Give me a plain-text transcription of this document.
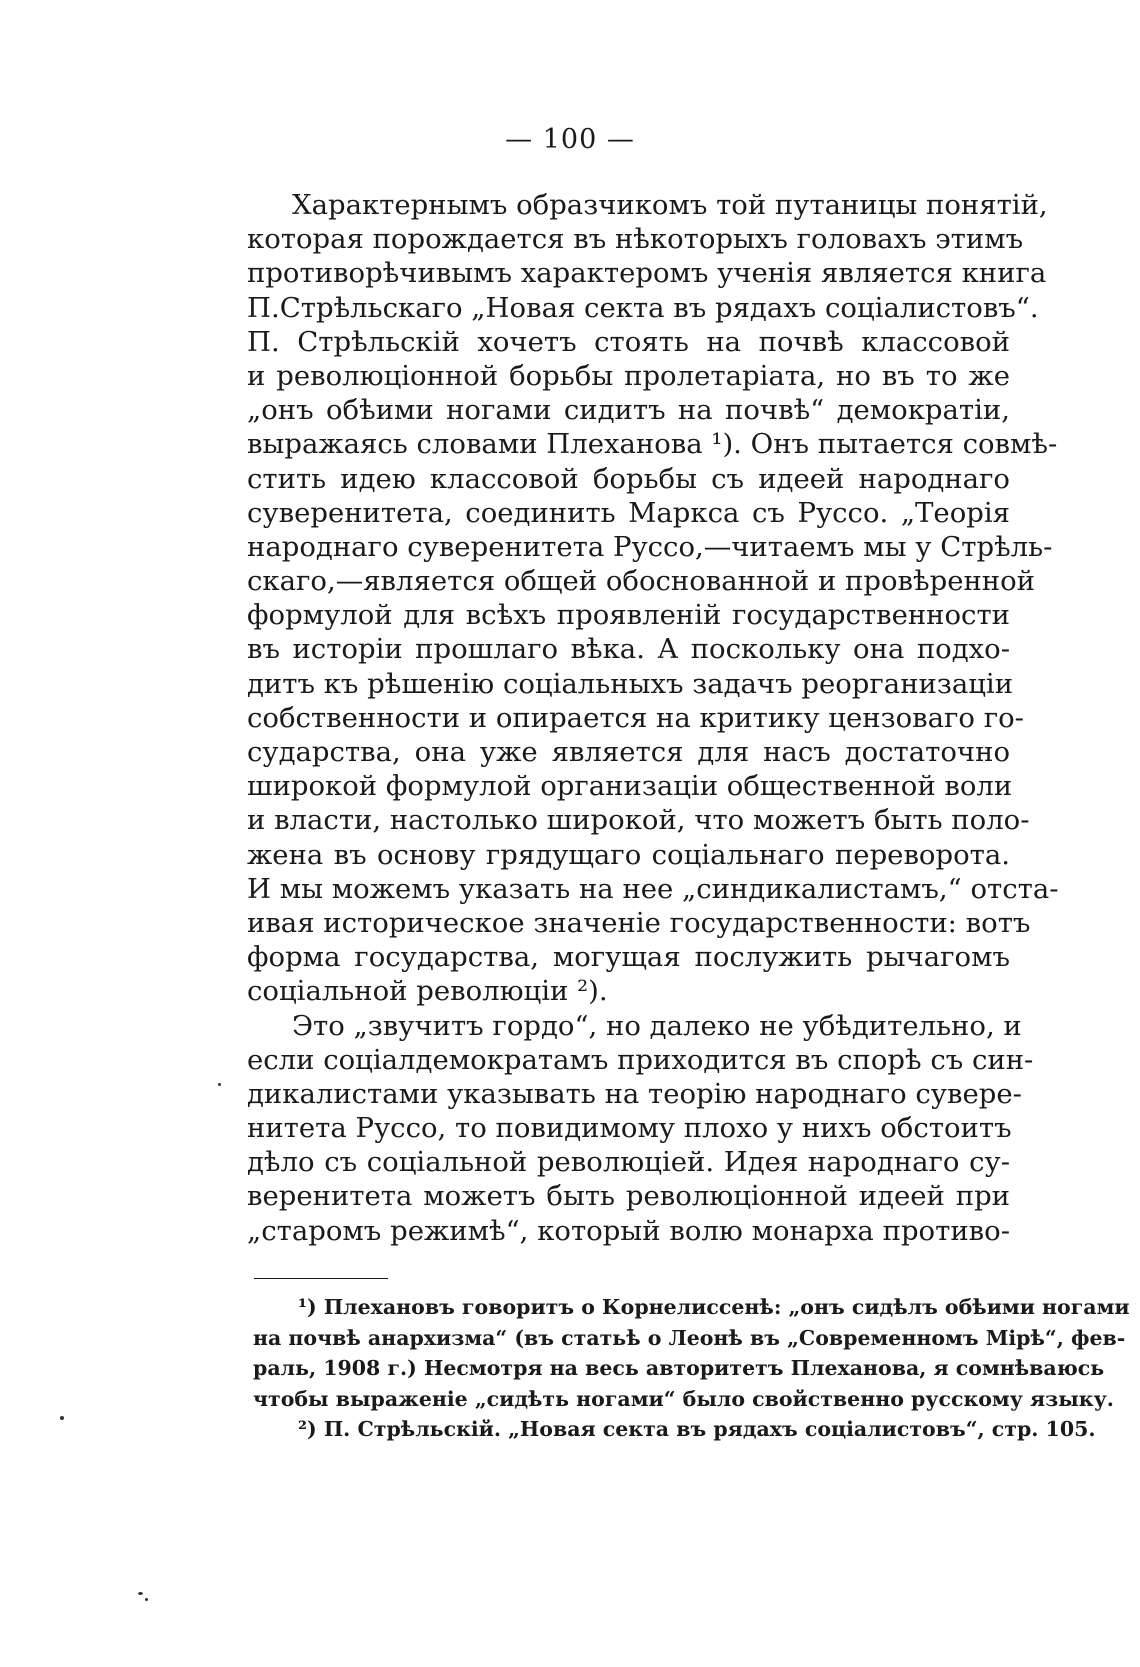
— 100 —
Характернымъ образчикомъ той путаницы понятій,
которая порождается въ нѣкоторыхъ головахъ этимъ
противорѣчивымъ характеромъ ученія является книга
П.Стрѣльскаго „Новая секта въ рядахъ соціалистовъ“.
П. Стрѣльскій хочетъ стоять на почвѣ классовой
и революціонной борьбы пролетаріата, но въ то же
„онъ обѣими ногами сидитъ на почвѣ“ демократіи,
выражаясь словами Плеханова ¹). Онъ пытается совмѣ-
стить идею классовой борьбы съ идеей народнаго
суверенитета, соединить Маркса съ Руссо. „Теорія
народнаго суверенитета Руссо,—читаемъ мы у Стрѣль-
скаго,—является общей обоснованной и провѣренной
формулой для всѣхъ проявленій государственности
въ исторіи прошлаго вѣка. А поскольку она подхо-
дитъ къ рѣшенію соціальныхъ задачъ реорганизаціи
собственности и опирается на критику цензоваго го-
сударства, она уже является для насъ достаточно
широкой формулой организаціи общественной воли
и власти, настолько широкой, что можетъ быть поло-
жена въ основу грядущаго соціальнаго переворота.
И мы можемъ указать на нее „синдикалистамъ,“ отста-
ивая историческое значеніе государственности: вотъ
форма государства, могущая послужить рычагомъ
соціальной революціи ²).
Это „звучитъ гордо“, но далеко не убѣдительно, и
если соціалдемократамъ приходится въ спорѣ съ син-
дикалистами указывать на теорію народнаго сувере-
нитета Руссо, то повидимому плохо у нихъ обстоитъ
дѣло съ соціальной революціей. Идея народнаго су-
веренитета можетъ быть революціонной идеей при
„старомъ режимѣ“, который волю монарха противо-
¹) Плехановъ говоритъ о Корнелиссенѣ: „онъ сидѣлъ обѣими ногами
на почвѣ анархизма“ (въ статьѣ о Леонѣ въ „Современномъ Мірѣ“, фев-
раль, 1908 г.) Несмотря на весь авторитетъ Плеханова, я сомнѣваюсь
чтобы выраженіе „сидѣть ногами“ было свойственно русскому языку.
²) П. Стрѣльскій. „Новая секта въ рядахъ соціалистовъ“, стр. 105.
